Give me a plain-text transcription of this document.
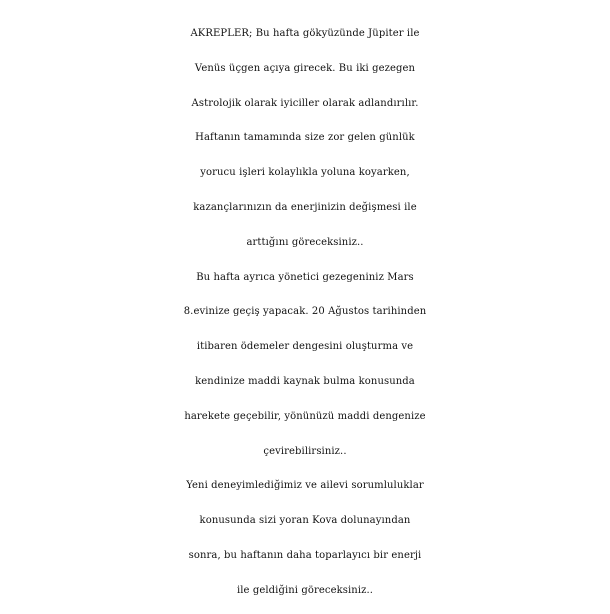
AKREPLER; Bu hafta gökyüzünde Jüpiter ile
Venüs üçgen açıya girecek. Bu iki gezegen
Astrolojik olarak iyiciller olarak adlandırılır.
Haftanın tamamında size zor gelen günlük
yorucu işleri kolaylıkla yoluna koyarken,
kazançlarınızın da enerjinizin değişmesi ile
arttığını göreceksiniz..
Bu hafta ayrıca yönetici gezegeniniz Mars
8.evinize geçiş yapacak. 20 Ağustos tarihinden
itibaren ödemeler dengesini oluşturma ve
kendinize maddi kaynak bulma konusunda
harekete geçebilir, yönünüzü maddi dengenize
çevirebilirsiniz..
Yeni deneyimlediğimiz ve ailevi sorumluluklar
konusunda sizi yoran Kova dolunayından
sonra, bu haftanın daha toparlayıcı bir enerji
ile geldiğini göreceksiniz..
